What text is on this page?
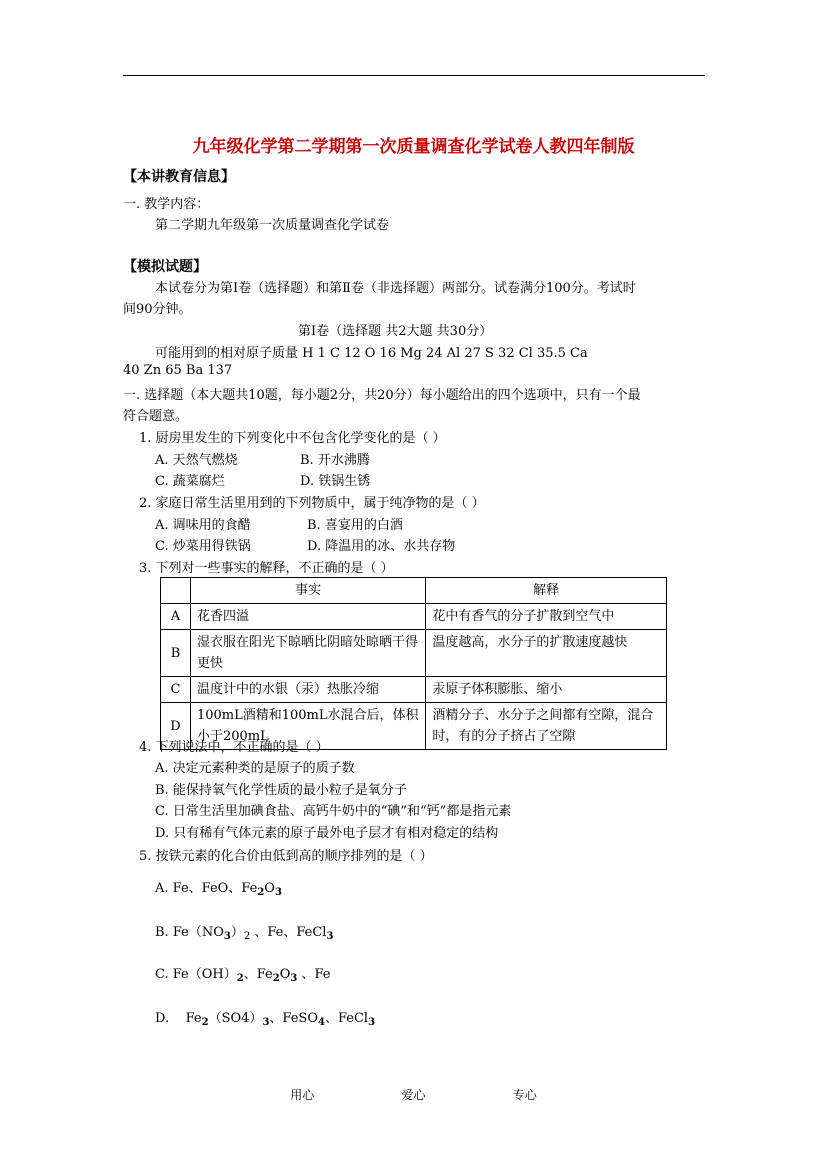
九年级化学第二学期第一次质量调查化学试卷人教四年制版
【本讲教育信息】
一. 教学内容：
第二学期九年级第一次质量调查化学试卷
【模拟试题】
本试卷分为第Ⅰ卷（选择题）和第Ⅱ卷（非选择题）两部分。试卷满分100分。考试时
间90分钟。
第Ⅰ卷（选择题 共2大题 共30分）
可能用到的相对原子质量 H 1 C 12 O 16 Mg 24 Al 27 S 32 Cl 35.5 Ca
40 Zn 65 Ba 137
一. 选择题（本大题共10题，每小题2分，共20分）每小题给出的四个选项中，只有一个最
符合题意。
1. 厨房里发生的下列变化中不包含化学变化的是（ ）
A. 天然气燃烧	B. 开水沸腾
C. 蔬菜腐烂	D. 铁锅生锈
2. 家庭日常生活里用到的下列物质中，属于纯净物的是（ ）
A. 调味用的食醋	B. 喜宴用的白酒
C. 炒菜用得铁锅	D. 降温用的冰、水共存物
3. 下列对一些事实的解释，不正确的是（ ）
	事实	解释
A	花香四溢	花中有香气的分子扩散到空气中
B	湿衣服在阳光下晾晒比阴暗处晾晒干得更快	温度越高，水分子的扩散速度越快
C	温度计中的水银（汞）热胀冷缩	汞原子体积膨胀、缩小
D	100mL酒精和100mL水混合后，体积小于200mL	酒精分子、水分子之间都有空隙，混合时，有的分子挤占了空隙
4. 下列说法中，不正确的是（ ）
A. 决定元素种类的是原子的质子数
B. 能保持氧气化学性质的最小粒子是氧分子
C. 日常生活里加碘食盐、高钙牛奶中的“碘”和“钙”都是指元素
D. 只有稀有气体元素的原子最外电子层才有相对稳定的结构
5. 按铁元素的化合价由低到高的顺序排列的是（ ）
A. Fe、FeO、$Fe_2O_3$
B. $Fe(NO_3)_2$ 、Fe、FeCl$_3$
C. $Fe(OH)_2$、$Fe_2O_3$ 、Fe
D.    $Fe_2(SO4)_3$、FeSO$_4$、FeCl$_3$
用心    爱心    专心
